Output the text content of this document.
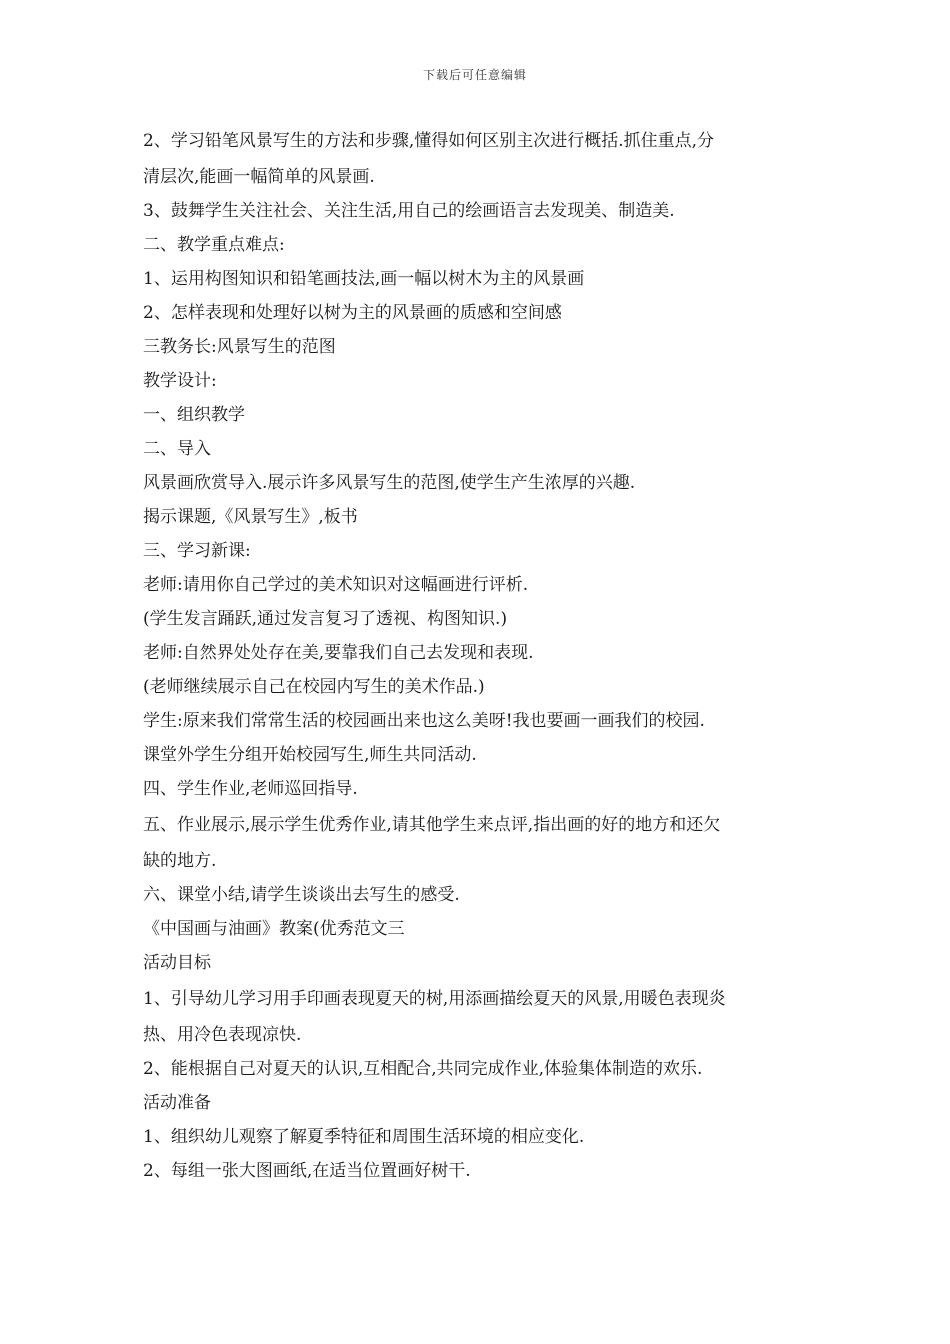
下载后可任意编辑
2、学习铅笔风景写生的方法和步骤,懂得如何区别主次进行概括.抓住重点,分
清层次,能画一幅简单的风景画.
3、鼓舞学生关注社会、关注生活,用自己的绘画语言去发现美、制造美.
二、教学重点难点:
1、运用构图知识和铅笔画技法,画一幅以树木为主的风景画
2、怎样表现和处理好以树为主的风景画的质感和空间感
三教务长:风景写生的范图
教学设计:
一、组织教学
二、导入
风景画欣赏导入.展示许多风景写生的范图,使学生产生浓厚的兴趣.
揭示课题,《风景写生》,板书
三、学习新课:
老师:请用你自己学过的美术知识对这幅画进行评析.
(学生发言踊跃,通过发言复习了透视、构图知识.)
老师:自然界处处存在美,要靠我们自己去发现和表现.
(老师继续展示自己在校园内写生的美术作品.)
学生:原来我们常常生活的校园画出来也这么美呀!我也要画一画我们的校园.
课堂外学生分组开始校园写生,师生共同活动.
四、学生作业,老师巡回指导.
五、作业展示,展示学生优秀作业,请其他学生来点评,指出画的好的地方和还欠
缺的地方.
六、课堂小结,请学生谈谈出去写生的感受.
《中国画与油画》教案(优秀范文三
活动目标
1、引导幼儿学习用手印画表现夏天的树,用添画描绘夏天的风景,用暖色表现炎
热、用冷色表现凉快.
2、能根据自己对夏天的认识,互相配合,共同完成作业,体验集体制造的欢乐.
活动准备
1、组织幼儿观察了解夏季特征和周围生活环境的相应变化.
2、每组一张大图画纸,在适当位置画好树干.
